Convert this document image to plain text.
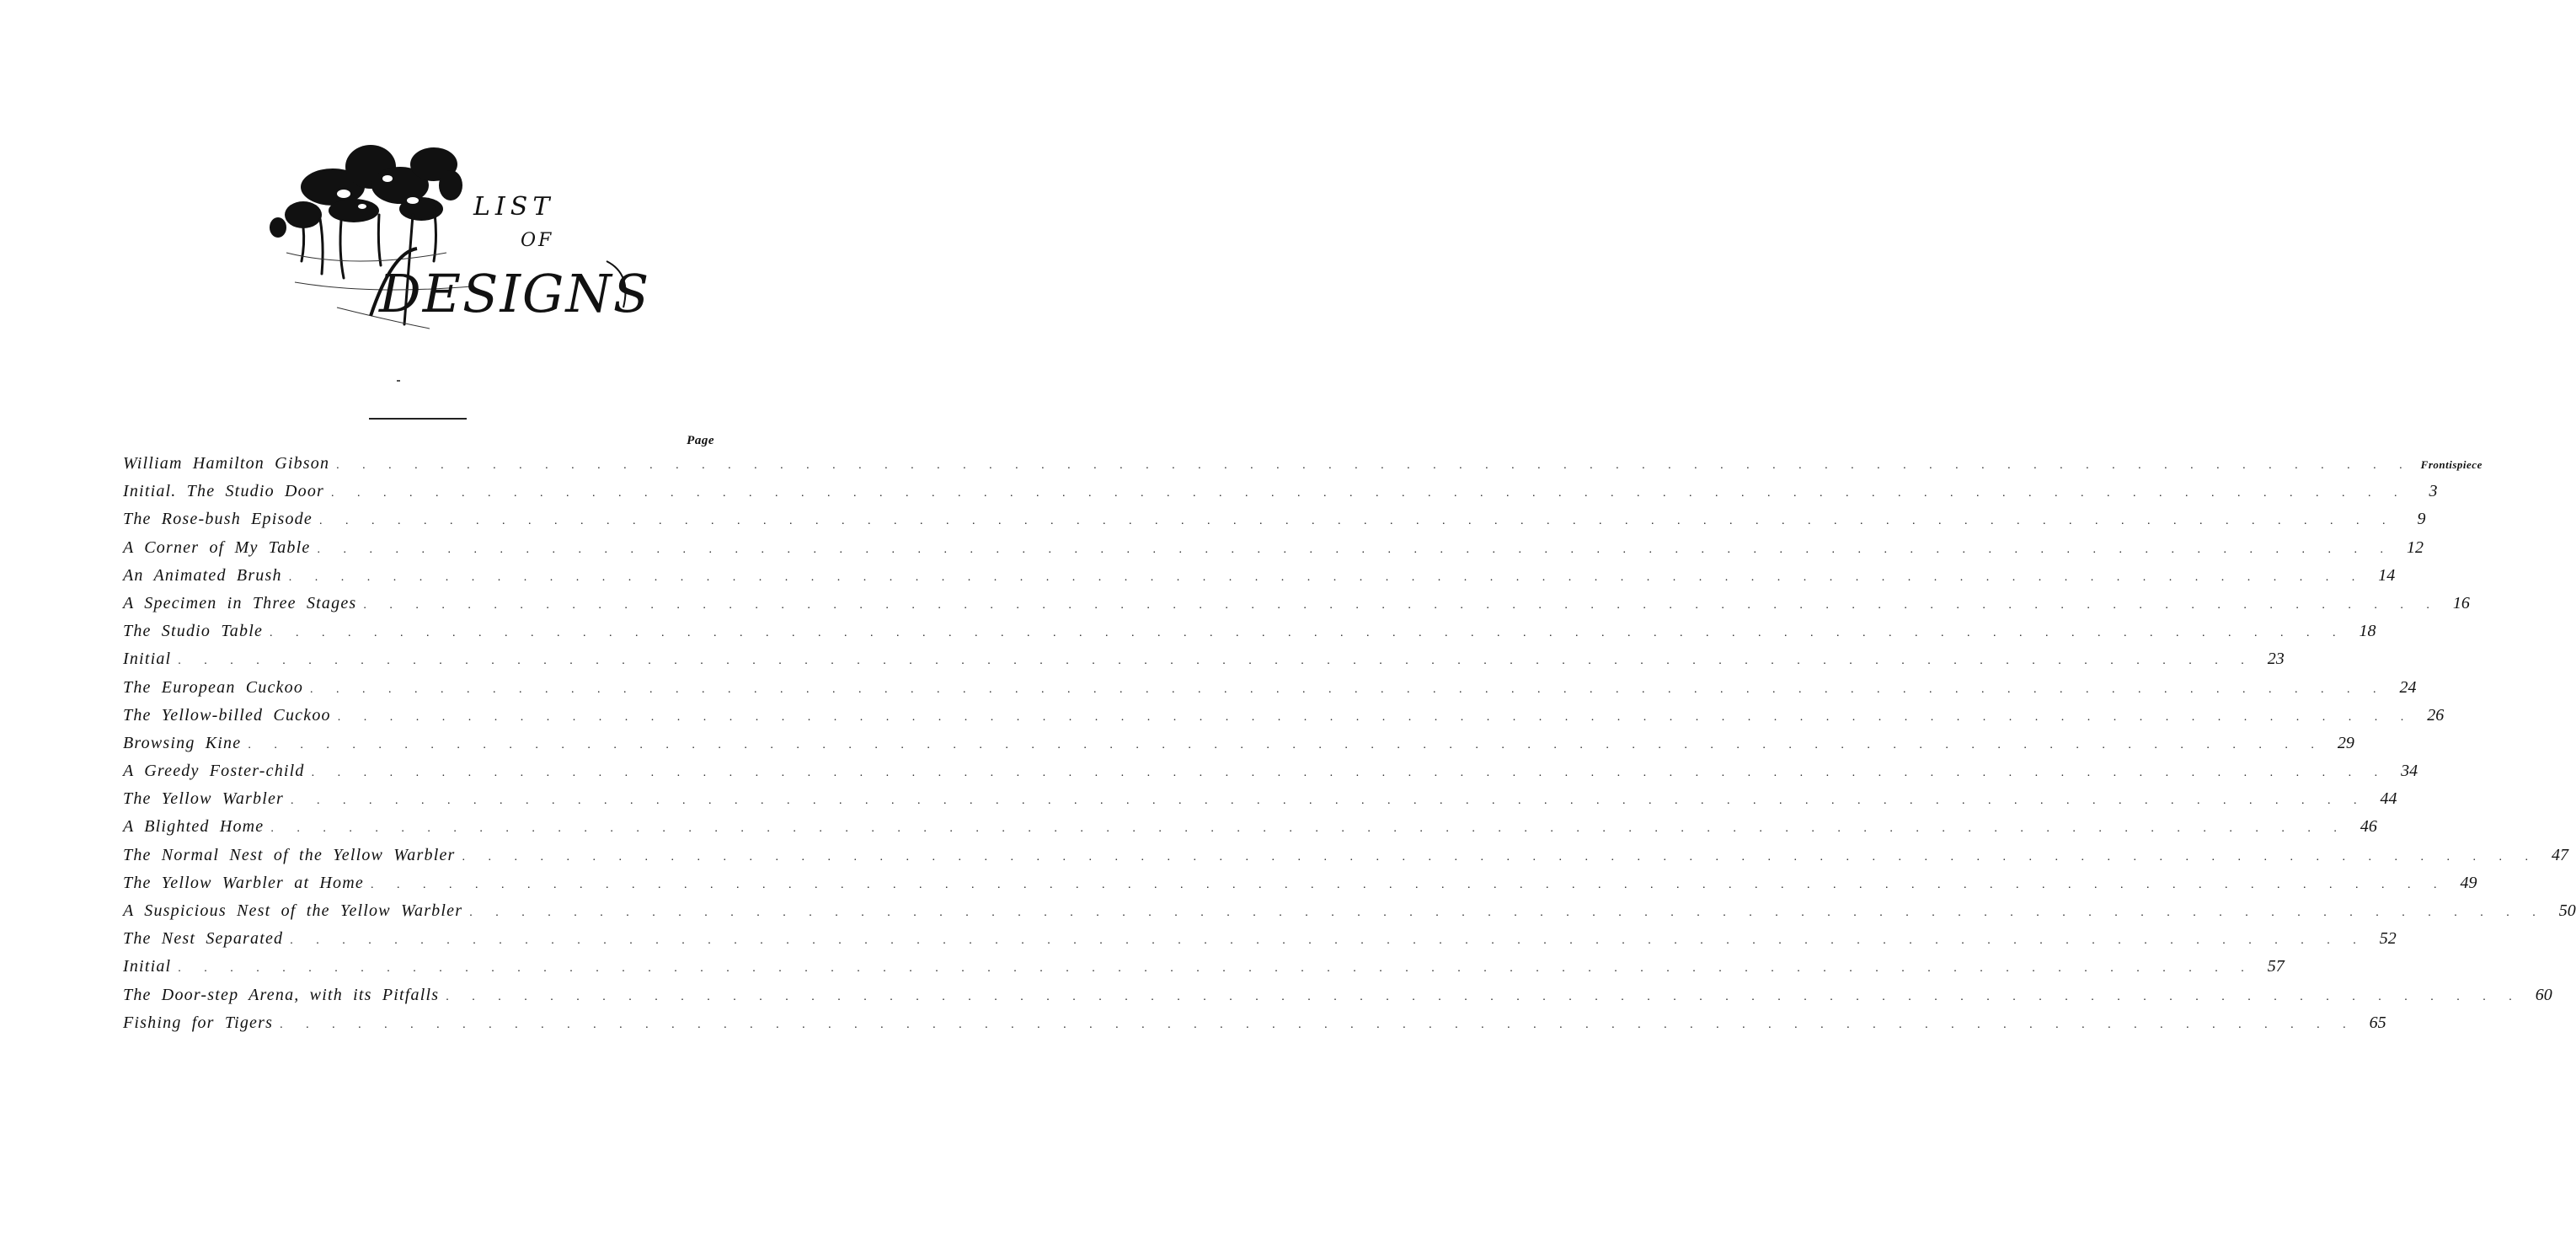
LIST
OF
DESIGNS
Page
William Hamilton Gibson . . . . . . . . . . . . . . . . . . . . . . . . . . . . . . . . . . . . . . . . . . . . . . . . . . . . . . . . . . . . . . . . . . . . . . . . . . . . . . . . Frontispiece
Initial. The Studio Door . . . . . . . . . . . . . . . . . . . . . . . . . . . . . . . . . . . . . . . . . . . . . . . . . . . . . . . . . . . . . . . . . . . . . . . . . . . . . . . .	3
The Rose-bush Episode . . . . . . . . . . . . . . . . . . . . . . . . . . . . . . . . . . . . . . . . . . . . . . . . . . . . . . . . . . . . . . . . . . . . . . . . . . . . . . . .	9
A Corner of My Table . . . . . . . . . . . . . . . . . . . . . . . . . . . . . . . . . . . . . . . . . . . . . . . . . . . . . . . . . . . . . . . . . . . . . . . . . . . . . . . . 12
An Animated Brush . . . . . . . . . . . . . . . . . . . . . . . . . . . . . . . . . . . . . . . . . . . . . . . . . . . . . . . . . . . . . . . . . . . . . . . . . . . . . . . . 14
A Specimen in Three Stages . . . . . . . . . . . . . . . . . . . . . . . . . . . . . . . . . . . . . . . . . . . . . . . . . . . . . . . . . . . . . . . . . . . . . . . . . . . . . . . . 16
The Studio Table . . . . . . . . . . . . . . . . . . . . . . . . . . . . . . . . . . . . . . . . . . . . . . . . . . . . . . . . . . . . . . . . . . . . . . . . . . . . . . . . 18
Initial . . . . . . . . . . . . . . . . . . . . . . . . . . . . . . . . . . . . . . . . . . . . . . . . . . . . . . . . . . . . . . . . . . . . . . . . . . . . . . . . 23
The European Cuckoo . . . . . . . . . . . . . . . . . . . . . . . . . . . . . . . . . . . . . . . . . . . . . . . . . . . . . . . . . . . . . . . . . . . . . . . . . . . . . . . . 24
The Yellow-billed Cuckoo . . . . . . . . . . . . . . . . . . . . . . . . . . . . . . . . . . . . . . . . . . . . . . . . . . . . . . . . . . . . . . . . . . . . . . . . . . . . . . . . 26
Browsing Kine . . . . . . . . . . . . . . . . . . . . . . . . . . . . . . . . . . . . . . . . . . . . . . . . . . . . . . . . . . . . . . . . . . . . . . . . . . . . . . . . 29
A Greedy Foster-child . . . . . . . . . . . . . . . . . . . . . . . . . . . . . . . . . . . . . . . . . . . . . . . . . . . . . . . . . . . . . . . . . . . . . . . . . . . . . . . . 34
The Yellow Warbler . . . . . . . . . . . . . . . . . . . . . . . . . . . . . . . . . . . . . . . . . . . . . . . . . . . . . . . . . . . . . . . . . . . . . . . . . . . . . . . . 44
A Blighted Home . . . . . . . . . . . . . . . . . . . . . . . . . . . . . . . . . . . . . . . . . . . . . . . . . . . . . . . . . . . . . . . . . . . . . . . . . . . . . . . . 46
The Normal Nest of the Yellow Warbler . . . . . . . . . . . . . . . . . . . . . . . . . . . . . . . . . . . . . . . . . . . . . . . . . . . . . . . . . . . . . . . . . . . . . . . . . . . . . . . . 47
The Yellow Warbler at Home . . . . . . . . . . . . . . . . . . . . . . . . . . . . . . . . . . . . . . . . . . . . . . . . . . . . . . . . . . . . . . . . . . . . . . . . . . . . . . . . 49
A Suspicious Nest of the Yellow Warbler . . . . . . . . . . . . . . . . . . . . . . . . . . . . . . . . . . . . . . . . . . . . . . . . . . . . . . . . . . . . . . . . . . . . . . . . . . . . . . . . 50
The Nest Separated . . . . . . . . . . . . . . . . . . . . . . . . . . . . . . . . . . . . . . . . . . . . . . . . . . . . . . . . . . . . . . . . . . . . . . . . . . . . . . . . 52
Initial . . . . . . . . . . . . . . . . . . . . . . . . . . . . . . . . . . . . . . . . . . . . . . . . . . . . . . . . . . . . . . . . . . . . . . . . . . . . . . . . 57
The Door-step Arena, with its Pitfalls . . . . . . . . . . . . . . . . . . . . . . . . . . . . . . . . . . . . . . . . . . . . . . . . . . . . . . . . . . . . . . . . . . . . . . . . . . . . . . . . 60
Fishing for Tigers . . . . . . . . . . . . . . . . . . . . . . . . . . . . . . . . . . . . . . . . . . . . . . . . . . . . . . . . . . . . . . . . . . . . . . . . . . . . . . . . 65
